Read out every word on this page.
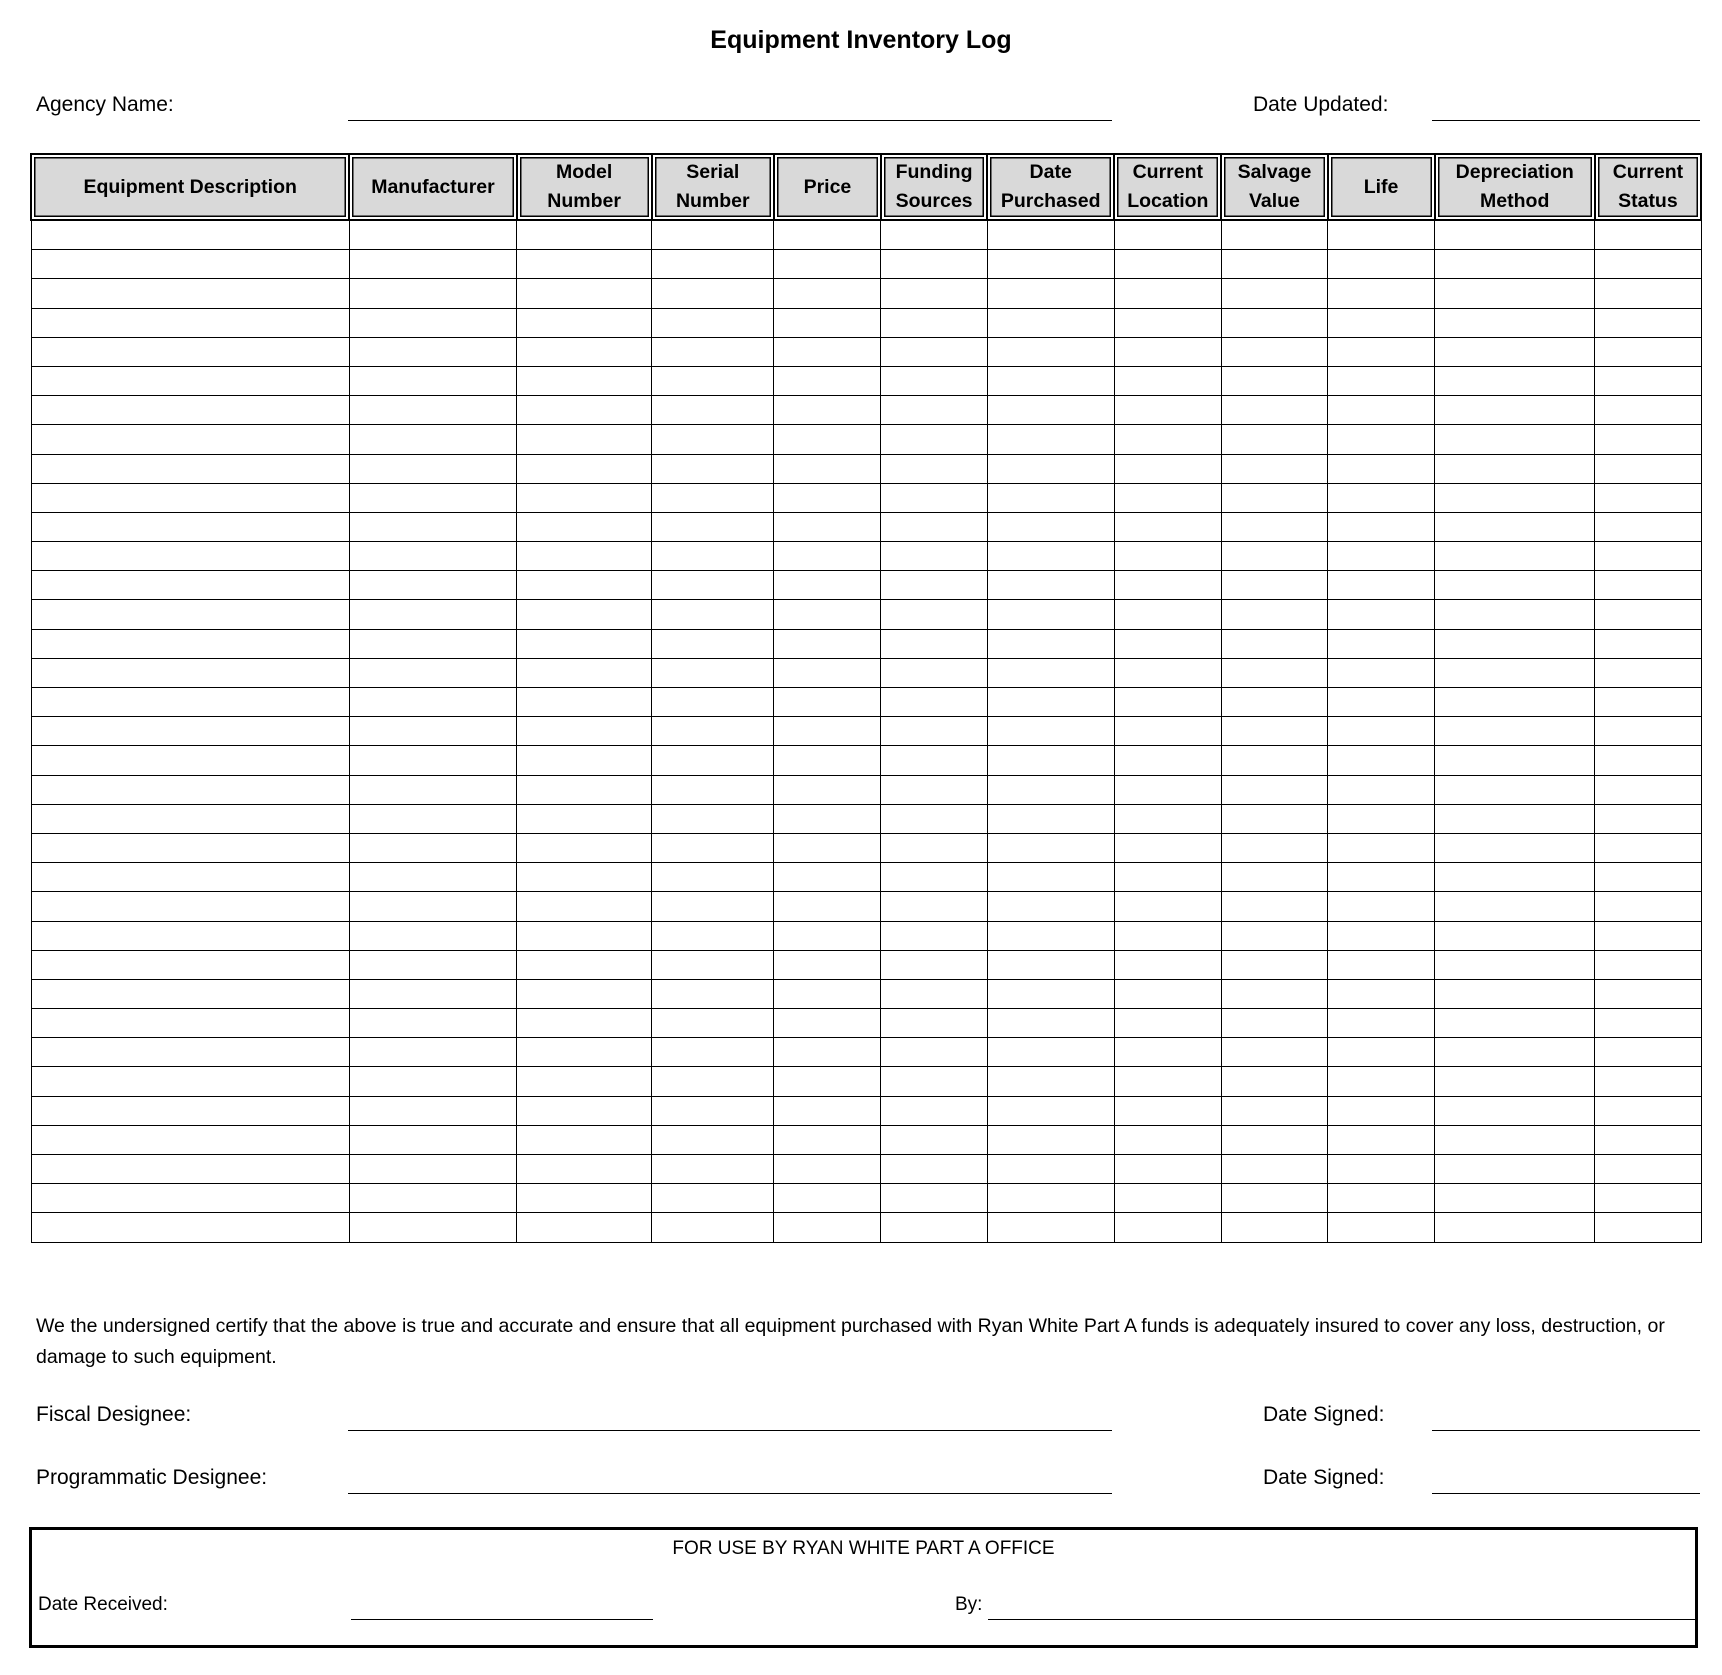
Equipment Inventory Log
Agency Name:	Date Updated:
Equipment Description	Manufacturer	Model Number	Serial Number	Price	Funding Sources	Date Purchased	Current Location	Salvage Value	Life	Depreciation Method	Current Status

We the undersigned certify that the above is true and accurate and ensure that all equipment purchased with Ryan White Part A funds is adequately insured to cover any loss, destruction, or damage to such equipment.
Fiscal Designee:	Date Signed:
Programmatic Designee:	Date Signed:
FOR USE BY RYAN WHITE PART A OFFICE
Date Received:	By:
